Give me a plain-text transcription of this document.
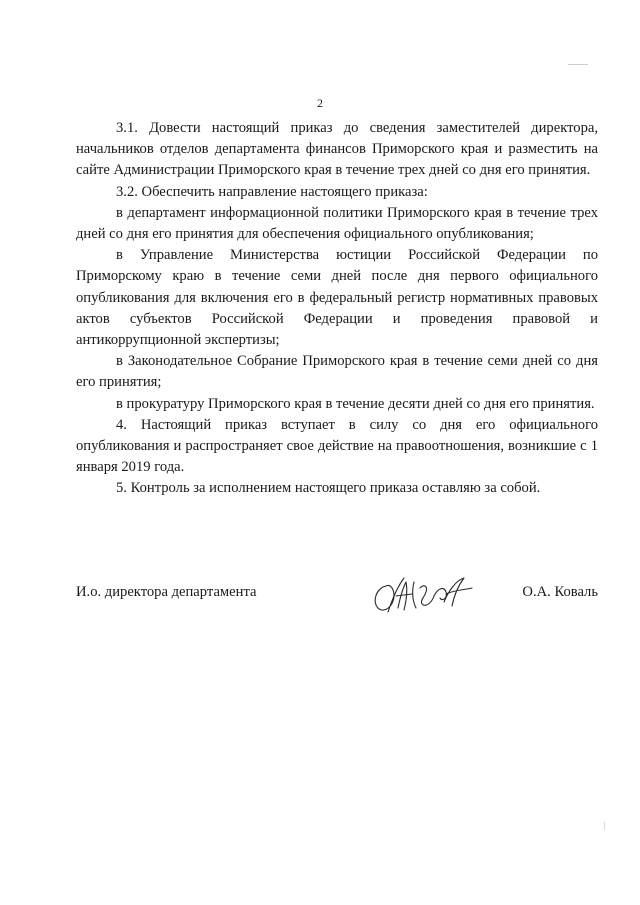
2

3.1. Довести настоящий приказ до сведения заместителей директора, начальников отделов департамента финансов Приморского края и разместить на сайте Администрации Приморского края в течение трех дней со дня его принятия.

3.2. Обеспечить направление настоящего приказа:

в департамент информационной политики Приморского края в течение трех дней со дня его принятия для обеспечения официального опубликования;

в Управление Министерства юстиции Российской Федерации по Приморскому краю в течение семи дней после дня первого официального опубликования для включения его в федеральный регистр нормативных правовых актов субъектов Российской Федерации и проведения правовой и антикоррупционной экспертизы;

в Законодательное Собрание Приморского края в течение семи дней со дня его принятия;

в прокуратуру Приморского края в течение десяти дней со дня его принятия.

4. Настоящий приказ вступает в силу со дня его официального опубликования и распространяет свое действие на правоотношения, возникшие с 1 января 2019 года.

5. Контроль за исполнением настоящего приказа оставляю за собой.

И.о. директора департамента	О.А. Коваль
